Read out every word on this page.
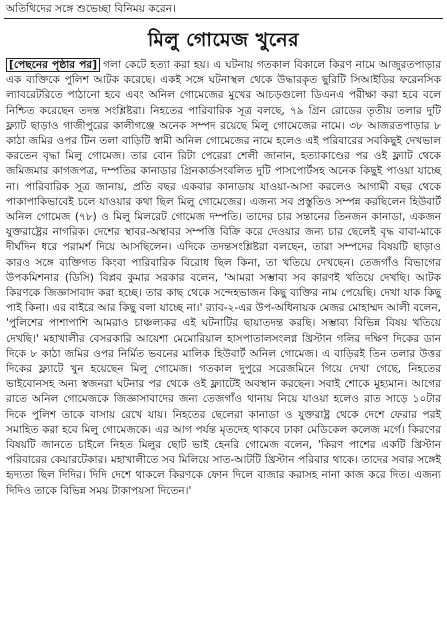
অতিথিদের সঙ্গে শুভেচ্ছা বিনিময় করেন।
মিলু গোমেজ খুনের

[পেছনের পৃষ্ঠার পর] গলা কেটে হত্যা করা হয়। এ ঘটনায় গতকাল বিকালে কিরণ নামে আজুরতপাড়ার এক ব্যক্তিকে পুলিশ আটক করেছে। একই সঙ্গে ঘটনাস্থল থেকে উদ্ধারকৃত ছুরিটি সিআইডির ফরেনসিক ল্যাবরেটরিতে পাঠানো হবে এবং অনিল গোমেজের মুখের আচড়গুলো ডিএনএ পরীক্ষা করা হবে বলে নিশ্চিত করেছেন তদন্ত সংশ্লিষ্টরা। নিহতের পারিবারিক সূত্র বলছে, ৭৯ গ্রিন রোডের তৃতীয় তলার দুটি ফ্ল্যাট ছাড়াও গাজীপুরের কালীগঞ্জে অনেক সম্পদ রয়েছে মিলু গোমেজের নামে। ৩৮ আজরতপাড়ার ৮ কাঠা জমির ওপর টিন তলা বাড়িটি স্বামী অনিল গোমেজের নামে হলেও এই পরিবারের সবকিছুই দেখভাল করতেন বৃদ্ধা মিলু গোমেজ। তার বোন রিটা পেরেরা শেলী জানান, হত্যাকাণ্ডের পর ওই ফ্ল্যাট থেকে জমিজমার কাগজপত্র, দম্পতির কানাডার গ্রিনকার্ডসংবলিত দুটি পাসপোর্টসহ অনেক কিছুই পাওয়া যাচ্ছে না। পারিবারিক সূত্র জানায়, প্রতি বছর একবার কানাডায় যাওয়া-আসা করলেও আগামী বছর থেকে পাকাপাকিভাবেই চলে যাওয়ার কথা ছিল মিলু গোমেজের। এজন্য সব প্রস্তুতিও সম্পন্ন করছিলেন হিউবার্ট অনিল গোমেজ (৭৮) ও মিলু মিলরেট গোমেজ দম্পতি। তাদের চার সন্তানের তিনজন কানাডা, একজন যুক্তরাষ্ট্রের নাগরিক। দেশের স্থাবর-অস্থাবর সম্পত্তি বিক্রি করে দেওয়ার জন্য চার ছেলেই বৃদ্ধ বাবা-মাকে দীর্ঘদিন ধরে পরামর্শ দিয়ে আসছিলেন। এদিকে তদন্তসংশ্লিষ্টরা বলছেন, তারা সম্পদের বিষয়টি ছাড়াও কারও সঙ্গে ব্যক্তিগত কিংবা পারিবারিক বিরোধ ছিল কিনা, তা খতিয়ে দেখছেন। তেজগাঁও বিভাগের উপকমিশনার (ডিসি) বিপ্লব কুমার সরকার বলেন, 'আমরা সম্ভাব্য সব কারণই খতিয়ে দেখছি। আটক কিরণকে জিজ্ঞাসাবাদ করা হচ্ছে। তার কাছ থেকে সন্দেহভাজন কিছু ব্যক্তির নাম পেয়েছি। দেখা যাক কিছু পাই কিনা। এর বাইরে আর কিছু বলা যাচ্ছে না।' র‌্যাব-২-এর উপ-অধিনায়ক মেজর মোহাম্মদ আলী বলেন, 'পুলিশের পাশাপাশি আমরাও চাঞ্চল্যকর এই ঘটনাটির ছায়াতদন্ত করছি। সম্ভাব্য বিভিন্ন বিষয় খতিয়ে দেখছি।' মহাখালীর বেসরকারি আয়েশা মেমোরিয়াল হাসপাতালসংলগ্ন খ্রিস্টান গলির দক্ষিণ দিকের ডান দিকে ৮ কাঠা জমির ওপর নির্মিত ভবনের মালিক হিউবার্ট অনিল গোমেজ। এ বাড়িরই তিন তলার উত্তর দিকের ফ্ল্যাটে খুন হয়েছেন মিলু গোমেজ। গতকাল দুপুরে সরেজমিনে গিয়ে দেখা গেছে, নিহতের ভাইবোনসহ অন্য স্বজনরা ঘটনার পর থেকে ওই ফ্ল্যাটেই অবস্থান করছেন। সবাই শোকে মুহ্যমান। আগের রাতে অনিল গোমেজকে জিজ্ঞাসাবাদের জন্য তেজগাঁও থানায় নিয়ে যাওয়া হলেও রাত সাড়ে ১০টার দিকে পুলিশ তাকে বাসায় রেখে যায়। নিহতের ছেলেরা কানাডা ও যুক্তরাষ্ট্র থেকে দেশে ফেরার পরই সমাহিত করা হবে মিলু গোমেজকে। এর আগ পর্যন্ত মৃতদেহ থাকবে ঢাকা মেডিকেল কলেজ মর্গে। কিরণের বিষয়টি জানতে চাইলে নিহত মিলুর ছোট ভাই হেনরি গোমেজ বলেন, 'কিরণ পাশের একটি খ্রিস্টান পরিবারের কেয়ারটেকার। মহাখালীতে সব মিলিয়ে সাত-আটটি খ্রিস্টান পরিবার থাকে। তাদের সবার সঙ্গেই হৃদ্যতা ছিল দিদির। দিদি দেশে থাকলে কিরণকে ফোন দিলে বাজার করাসহ নানা কাজ করে দিত। এজন্য দিদিও তাকে বিভিন্ন সময় টাকাপয়সা দিতেন।'
